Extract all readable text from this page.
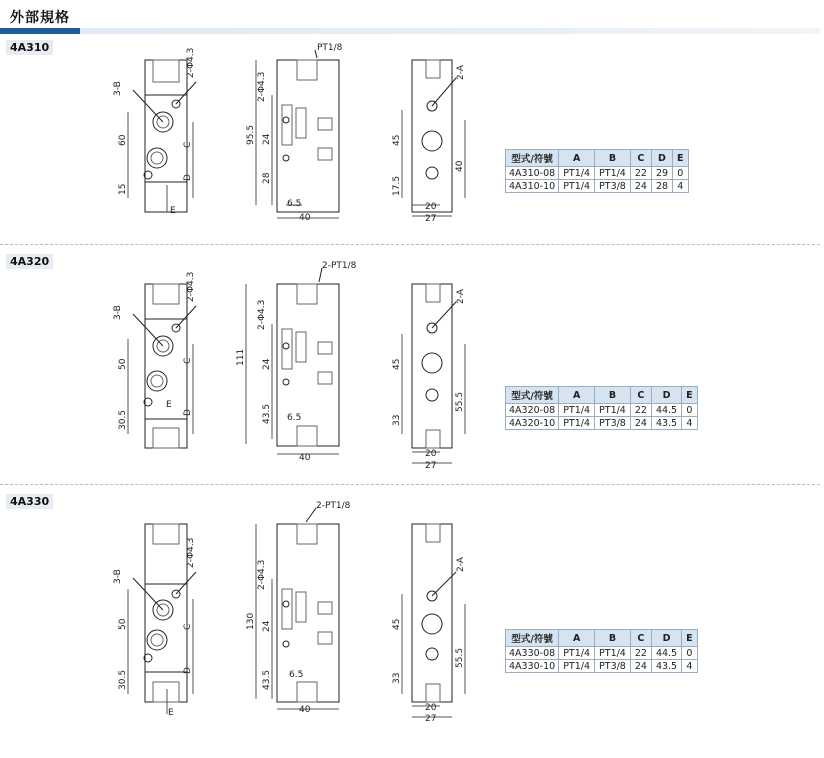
外部規格
4A310
3-B
2-Φ4.3
60
15
C
D
E
PT1/8
2-Φ4.3
95.5 24
28
6.5
40
2-A
45
17.5
40
20
27
4A320
3-B
2-Φ4.3
50
30.5
C
D
E
2-PT1/8
2-Φ4.3
111 24
43.5 6.5
40
2-A
45
33
55.5
20
27
4A330
3-B
2-Φ4.3
50
30.5
C
D
E
2-PT1/8
2-Φ4.3
130 24
43.5 6.5
40
2-A
45
33
55.5
20
27
型式/符號	A	B	C	D	E
4A310-08	PT1/4	PT1/4	22	29	0
4A310-10	PT1/4	PT3/8	24	28	4
型式/符號	A	B	C	D	E
4A320-08	PT1/4	PT1/4	22	44.5	0
4A320-10	PT1/4	PT3/8	24	43.5	4
型式/符號	A	B	C	D	E
4A330-08	PT1/4	PT1/4	22	44.5	0
4A330-10	PT1/4	PT3/8	24	43.5	4
